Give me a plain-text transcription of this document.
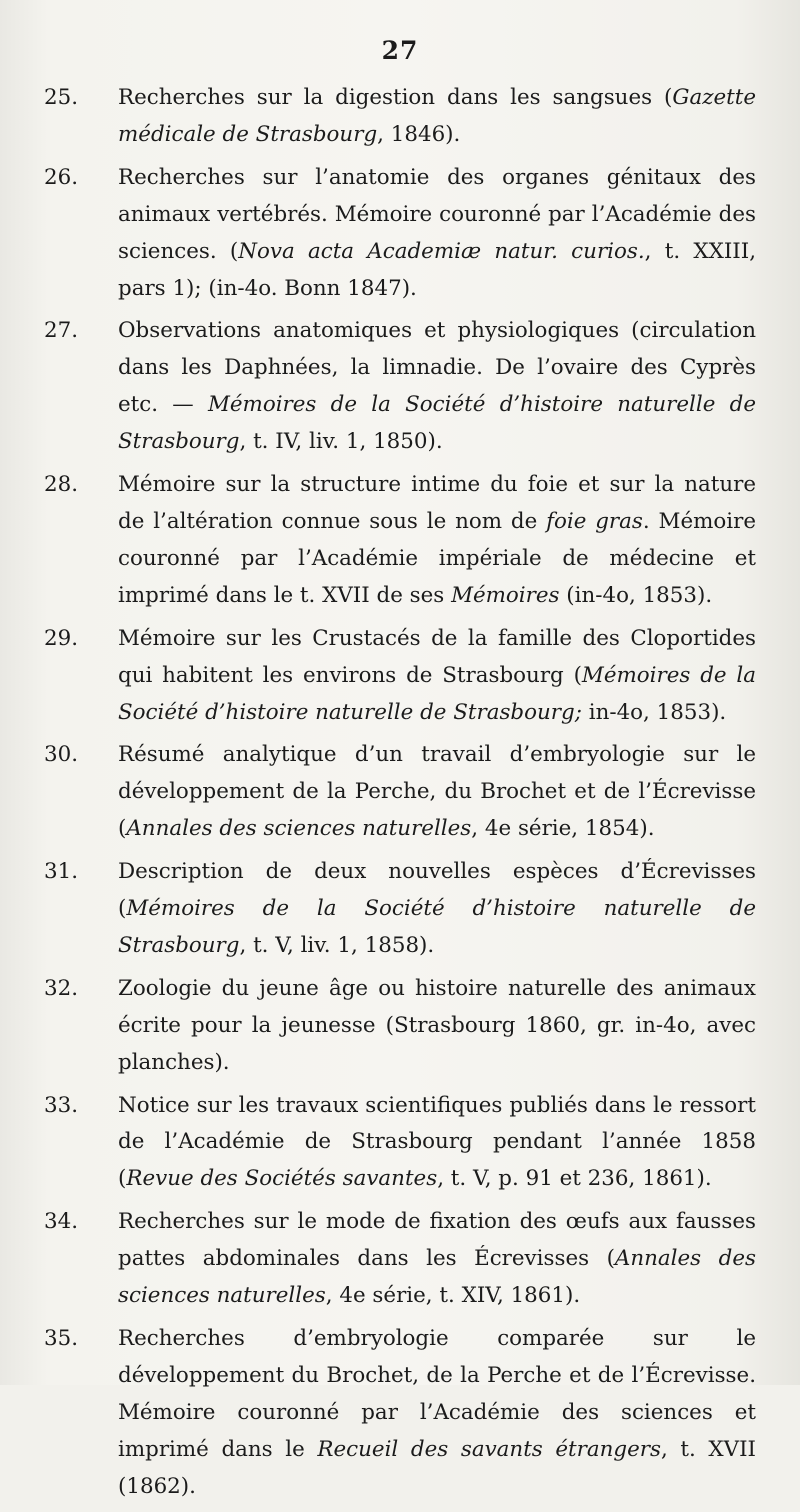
27
25. Recherches sur la digestion dans les sangsues (Gazette médicale de Strasbourg, 1846).
26. Recherches sur l’anatomie des organes génitaux des animaux vertébrés. Mémoire couronné par l’Académie des sciences. (Nova acta Academiæ natur. curios., t. XXIII, pars 1); (in-4o. Bonn 1847).
27. Observations anatomiques et physiologiques (circulation dans les Daphnées, la limnadie. De l’ovaire des Cyprès etc. — Mémoires de la Société d’histoire naturelle de Strasbourg, t. IV, liv. 1, 1850).
28. Mémoire sur la structure intime du foie et sur la nature de l’altération connue sous le nom de foie gras. Mémoire couronné par l’Académie impériale de médecine et imprimé dans le t. XVII de ses Mémoires (in-4o, 1853).
29. Mémoire sur les Crustacés de la famille des Cloportides qui habitent les environs de Strasbourg (Mémoires de la Société d’histoire naturelle de Strasbourg; in-4o, 1853).
30. Résumé analytique d’un travail d’embryologie sur le développement de la Perche, du Brochet et de l’Écrevisse (Annales des sciences naturelles, 4e série, 1854).
31. Description de deux nouvelles espèces d’Écrevisses (Mémoires de la Société d’histoire naturelle de Strasbourg, t. V, liv. 1, 1858).
32. Zoologie du jeune âge ou histoire naturelle des animaux écrite pour la jeunesse (Strasbourg 1860, gr. in-4o, avec planches).
33. Notice sur les travaux scientifiques publiés dans le ressort de l’Académie de Strasbourg pendant l’année 1858 (Revue des Sociétés savantes, t. V, p. 91 et 236, 1861).
34. Recherches sur le mode de fixation des œufs aux fausses pattes abdominales dans les Écrevisses (Annales des sciences naturelles, 4e série, t. XIV, 1861).
35. Recherches d’embryologie comparée sur le développement du Brochet, de la Perche et de l’Écrevisse. Mémoire couronné par l’Académie des sciences et imprimé dans le Recueil des savants étrangers, t. XVII (1862).
